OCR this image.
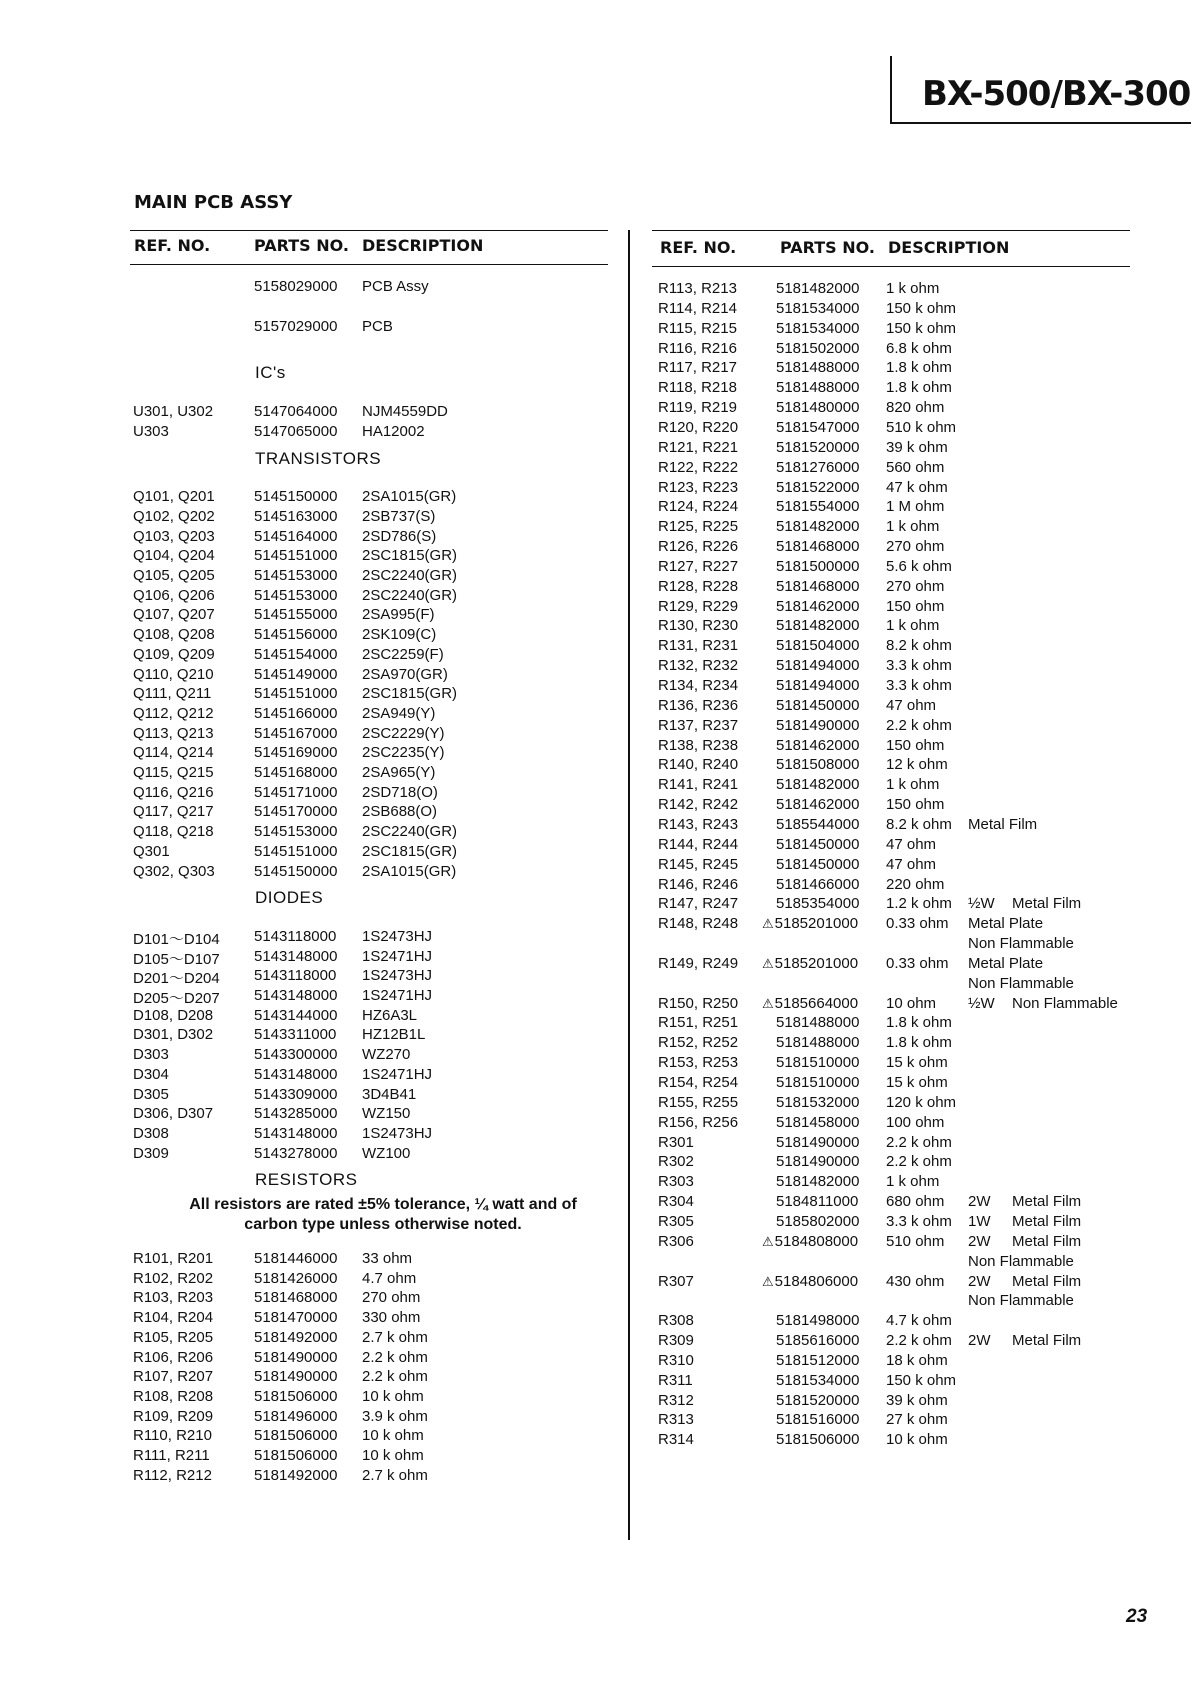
BX-500/BX-300
MAIN PCB ASSY
REF. NO.	PARTS NO. DESCRIPTION	REF. NO.	PARTS NO. DESCRIPTION
5158029000 PCB Assy
5157029000 PCB
IC's
U301, U302	5147064000 NJM4559DD
U303	5147065000 HA12002
TRANSISTORS
Q101, Q201	5145150000 2SA1015(GR)
Q102, Q202	5145163000 2SB737(S)
Q103, Q203	5145164000 2SD786(S)
Q104, Q204	5145151000 2SC1815(GR)
Q105, Q205	5145153000 2SC2240(GR)
Q106, Q206	5145153000 2SC2240(GR)
Q107, Q207	5145155000 2SA995(F)
Q108, Q208	5145156000 2SK109(C)
Q109, Q209	5145154000 2SC2259(F)
Q110, Q210	5145149000 2SA970(GR)
Q111, Q211	5145151000 2SC1815(GR)
Q112, Q212	5145166000 2SA949(Y)
Q113, Q213	5145167000 2SC2229(Y)
Q114, Q214	5145169000 2SC2235(Y)
Q115, Q215	5145168000 2SA965(Y)
Q116, Q216	5145171000 2SD718(O)
Q117, Q217	5145170000 2SB688(O)
Q118, Q218	5145153000 2SC2240(GR)
Q301	5145151000 2SC1815(GR)
Q302, Q303	5145150000 2SA1015(GR)
DIODES
D101～D104 5143118000 1S2473HJ
D105～D107 5143148000 1S2471HJ
D201～D204 5143118000 1S2473HJ
D205～D207 5143148000 1S2471HJ
D108, D208	5143144000 HZ6A3L
D301, D302	5143311000 HZ12B1L
D303	5143300000 WZ270
D304	5143148000 1S2471HJ
D305	5143309000 3D4B41
D306, D307	5143285000 WZ150
D308	5143148000 1S2473HJ
D309	5143278000 WZ100
RESISTORS
All resistors are rated ±5% tolerance, ¼ watt and of
carbon type unless otherwise noted.
R101, R201	5181446000 33 ohm
R102, R202	5181426000 4.7 ohm
R103, R203	5181468000 270 ohm
R104, R204	5181470000 330 ohm
R105, R205	5181492000 2.7 k ohm
R106, R206	5181490000 2.2 k ohm
R107, R207	5181490000 2.2 k ohm
R108, R208	5181506000 10 k ohm
R109, R209	5181496000 3.9 k ohm
R110, R210	5181506000 10 k ohm
R111, R211	5181506000 10 k ohm
R112, R212	5181492000 2.7 k ohm
R113, R213	5181482000 1 k ohm
R114, R214	5181534000 150 k ohm
R115, R215	5181534000 150 k ohm
R116, R216	5181502000 6.8 k ohm
R117, R217	5181488000 1.8 k ohm
R118, R218	5181488000 1.8 k ohm
R119, R219	5181480000 820 ohm
R120, R220	5181547000 510 k ohm
R121, R221	5181520000 39 k ohm
R122, R222	5181276000 560 ohm
R123, R223	5181522000 47 k ohm
R124, R224	5181554000 1 M ohm
R125, R225	5181482000 1 k ohm
R126, R226	5181468000 270 ohm
R127, R227	5181500000 5.6 k ohm
R128, R228	5181468000 270 ohm
R129, R229	5181462000 150 ohm
R130, R230	5181482000 1 k ohm
R131, R231	5181504000 8.2 k ohm
R132, R232	5181494000 3.3 k ohm
R134, R234	5181494000 3.3 k ohm
R136, R236	5181450000 47 ohm
R137, R237	5181490000 2.2 k ohm
R138, R238	5181462000 150 ohm
R140, R240	5181508000 12 k ohm
R141, R241	5181482000 1 k ohm
R142, R242	5181462000 150 ohm
R143, R243	5185544000 8.2 k ohm Metal Film
R144, R244	5181450000 47 ohm
R145, R245	5181450000 47 ohm
R146, R246	5181466000 220 ohm
R147, R247	5185354000 1.2 k ohm ½W Metal Film
R148, R248 ⚠5185201000 0.33 ohm Metal Plate
Non Flammable
R149, R249 ⚠5185201000 0.33 ohm Metal Plate
Non Flammable
R150, R250 ⚠5185664000 10 ohm ½W Non Flammable
R151, R251	5181488000 1.8 k ohm
R152, R252	5181488000 1.8 k ohm
R153, R253	5181510000 15 k ohm
R154, R254	5181510000 15 k ohm
R155, R255	5181532000 120 k ohm
R156, R256	5181458000 100 ohm
R301	5181490000 2.2 k ohm
R302	5181490000 2.2 k ohm
R303	5181482000 1 k ohm
R304	5184811000 680 ohm 2W Metal Film
R305	5185802000 3.3 k ohm 1W Metal Film
R306	⚠5184808000 510 ohm 2W Metal Film
Non Flammable
R307	⚠5184806000 430 ohm 2W Metal Film
Non Flammable
R308	5181498000 4.7 k ohm
R309	5185616000 2.2 k ohm 2W Metal Film
R310	5181512000 18 k ohm
R311	5181534000 150 k ohm
R312	5181520000 39 k ohm
R313	5181516000 27 k ohm
R314	5181506000 10 k ohm
23
